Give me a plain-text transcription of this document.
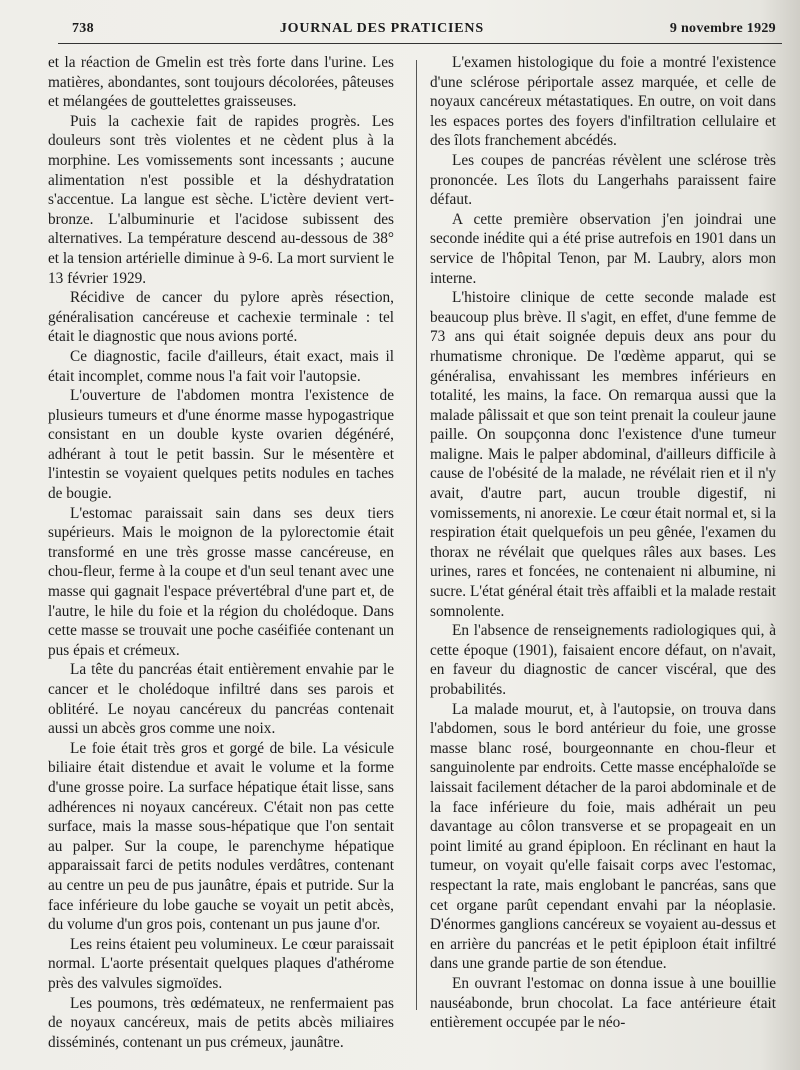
738	JOURNAL DES PRATICIENS	9 novembre 1929

et la réaction de Gmelin est très forte dans l'urine. Les matières, abondantes, sont toujours décolorées, pâteuses et mélangées de gouttelettes graisseuses.

Puis la cachexie fait de rapides progrès. Les douleurs sont très violentes et ne cèdent plus à la morphine. Les vomissements sont incessants ; aucune alimentation n'est possible et la déshydratation s'accentue. La langue est sèche. L'ictère devient vert-bronze. L'albuminurie et l'acidose subissent des alternatives. La température descend au-dessous de 38° et la tension artérielle diminue à 9-6. La mort survient le 13 février 1929.

Récidive de cancer du pylore après résection, généralisation cancéreuse et cachexie terminale : tel était le diagnostic que nous avions porté.

Ce diagnostic, facile d'ailleurs, était exact, mais il était incomplet, comme nous l'a fait voir l'autopsie.

L'ouverture de l'abdomen montra l'existence de plusieurs tumeurs et d'une énorme masse hypogastrique consistant en un double kyste ovarien dégénéré, adhérant à tout le petit bassin. Sur le mésentère et l'intestin se voyaient quelques petits nodules en taches de bougie.

L'estomac paraissait sain dans ses deux tiers supérieurs. Mais le moignon de la pylorectomie était transformé en une très grosse masse cancéreuse, en chou-fleur, ferme à la coupe et d'un seul tenant avec une masse qui gagnait l'espace prévertébral d'une part et, de l'autre, le hile du foie et la région du cholédoque. Dans cette masse se trouvait une poche caséifiée contenant un pus épais et crémeux.

La tête du pancréas était entièrement envahie par le cancer et le cholédoque infiltré dans ses parois et oblitéré. Le noyau cancéreux du pancréas contenait aussi un abcès gros comme une noix.

Le foie était très gros et gorgé de bile. La vésicule biliaire était distendue et avait le volume et la forme d'une grosse poire. La surface hépatique était lisse, sans adhérences ni noyaux cancéreux. C'était non pas cette surface, mais la masse sous-hépatique que l'on sentait au palper. Sur la coupe, le parenchyme hépatique apparaissait farci de petits nodules verdâtres, contenant au centre un peu de pus jaunâtre, épais et putride. Sur la face inférieure du lobe gauche se voyait un petit abcès, du volume d'un gros pois, contenant un pus jaune d'or.

Les reins étaient peu volumineux. Le cœur paraissait normal. L'aorte présentait quelques plaques d'athérome près des valvules sigmoïdes.

Les poumons, très œdémateux, ne renfermaient pas de noyaux cancéreux, mais de petits abcès miliaires disséminés, contenant un pus crémeux, jaunâtre.

L'examen histologique du foie a montré l'existence d'une sclérose périportale assez marquée, et celle de noyaux cancéreux métastatiques. En outre, on voit dans les espaces portes des foyers d'infiltration cellulaire et des îlots franchement abcédés.

Les coupes de pancréas révèlent une sclérose très prononcée. Les îlots du Langerhahs paraissent faire défaut.

A cette première observation j'en joindrai une seconde inédite qui a été prise autrefois en 1901 dans un service de l'hôpital Tenon, par M. Laubry, alors mon interne.

L'histoire clinique de cette seconde malade est beaucoup plus brève. Il s'agit, en effet, d'une femme de 73 ans qui était soignée depuis deux ans pour du rhumatisme chronique. De l'œdème apparut, qui se généralisa, envahissant les membres inférieurs en totalité, les mains, la face. On remarqua aussi que la malade pâlissait et que son teint prenait la couleur jaune paille. On soupçonna donc l'existence d'une tumeur maligne. Mais le palper abdominal, d'ailleurs difficile à cause de l'obésité de la malade, ne révélait rien et il n'y avait, d'autre part, aucun trouble digestif, ni vomissements, ni anorexie. Le cœur était normal et, si la respiration était quelquefois un peu gênée, l'examen du thorax ne révélait que quelques râles aux bases. Les urines, rares et foncées, ne contenaient ni albumine, ni sucre. L'état général était très affaibli et la malade restait somnolente.

En l'absence de renseignements radiologiques qui, à cette époque (1901), faisaient encore défaut, on n'avait, en faveur du diagnostic de cancer viscéral, que des probabilités.

La malade mourut, et, à l'autopsie, on trouva dans l'abdomen, sous le bord antérieur du foie, une grosse masse blanc rosé, bourgeonnante en chou-fleur et sanguinolente par endroits. Cette masse encéphaloïde se laissait facilement détacher de la paroi abdominale et de la face inférieure du foie, mais adhérait un peu davantage au côlon transverse et se propageait en un point limité au grand épiploon. En réclinant en haut la tumeur, on voyait qu'elle faisait corps avec l'estomac, respectant la rate, mais englobant le pancréas, sans que cet organe parût cependant envahi par la néoplasie. D'énormes ganglions cancéreux se voyaient au-dessus et en arrière du pancréas et le petit épiploon était infiltré dans une grande partie de son étendue.

En ouvrant l'estomac on donna issue à une bouillie nauséabonde, brun chocolat. La face antérieure était entièrement occupée par le néo-
